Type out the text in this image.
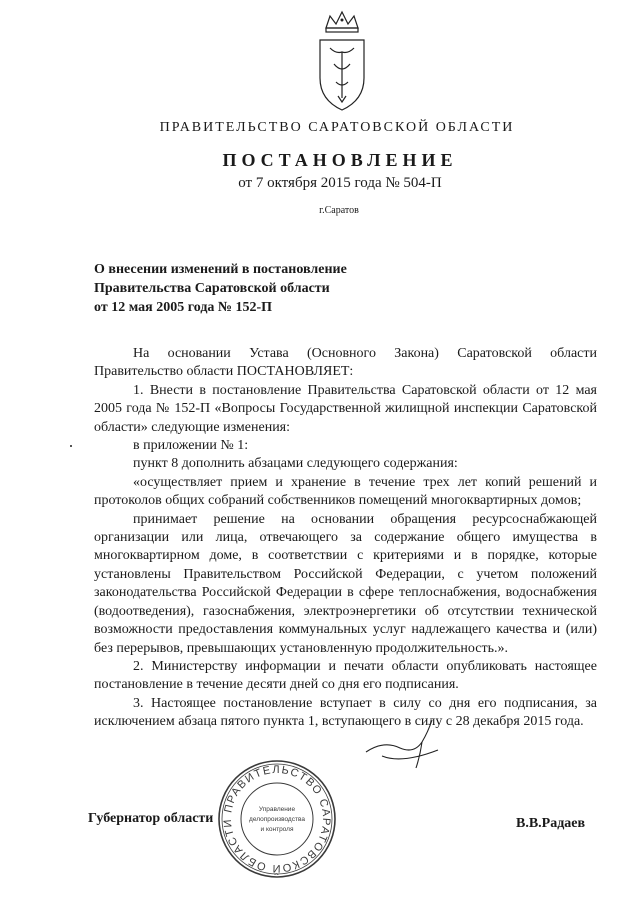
ПРАВИТЕЛЬСТВО САРАТОВСКОЙ ОБЛАСТИ
ПОСТАНОВЛЕНИЕ
от 7 октября 2015 года № 504-П
г.Саратов
О внесении изменений в постановление
Правительства Саратовской области
от 12 мая 2005 года № 152-П

На основании Устава (Основного Закона) Саратовской области Правительство области ПОСТАНОВЛЯЕТ:

1. Внести в постановление Правительства Саратовской области от 12 мая 2005 года № 152-П «Вопросы Государственной жилищной инспекции Саратовской области» следующие изменения:

в приложении № 1:

пункт 8 дополнить абзацами следующего содержания:

«осуществляет прием и хранение в течение трех лет копий решений и протоколов общих собраний собственников помещений многоквартирных домов;

принимает решение на основании обращения ресурсоснабжающей организации или лица, отвечающего за содержание общего имущества в многоквартирном доме, в соответствии с критериями и в порядке, которые установлены Правительством Российской Федерации, с учетом положений законодательства Российской Федерации в сфере теплоснабжения, водоснабжения (водоотведения), газоснабжения, электроэнергетики об отсутствии технической возможности предоставления коммунальных услуг надлежащего качества и (или) без перерывов, превышающих установленную продолжительность.».

2. Министерству информации и печати области опубликовать настоящее постановление в течение десяти дней со дня его подписания.

3. Настоящее постановление вступает в силу со дня его подписания, за исключением абзаца пятого пункта 1, вступающего в силу с 28 декабря 2015 года.

Губернатор области	В.В.Радаев
ПРАВИТЕЛЬСТВО САРАТОВСКОЙ ОБЛАСТИ
Управление
делопроизводства
и контроля
